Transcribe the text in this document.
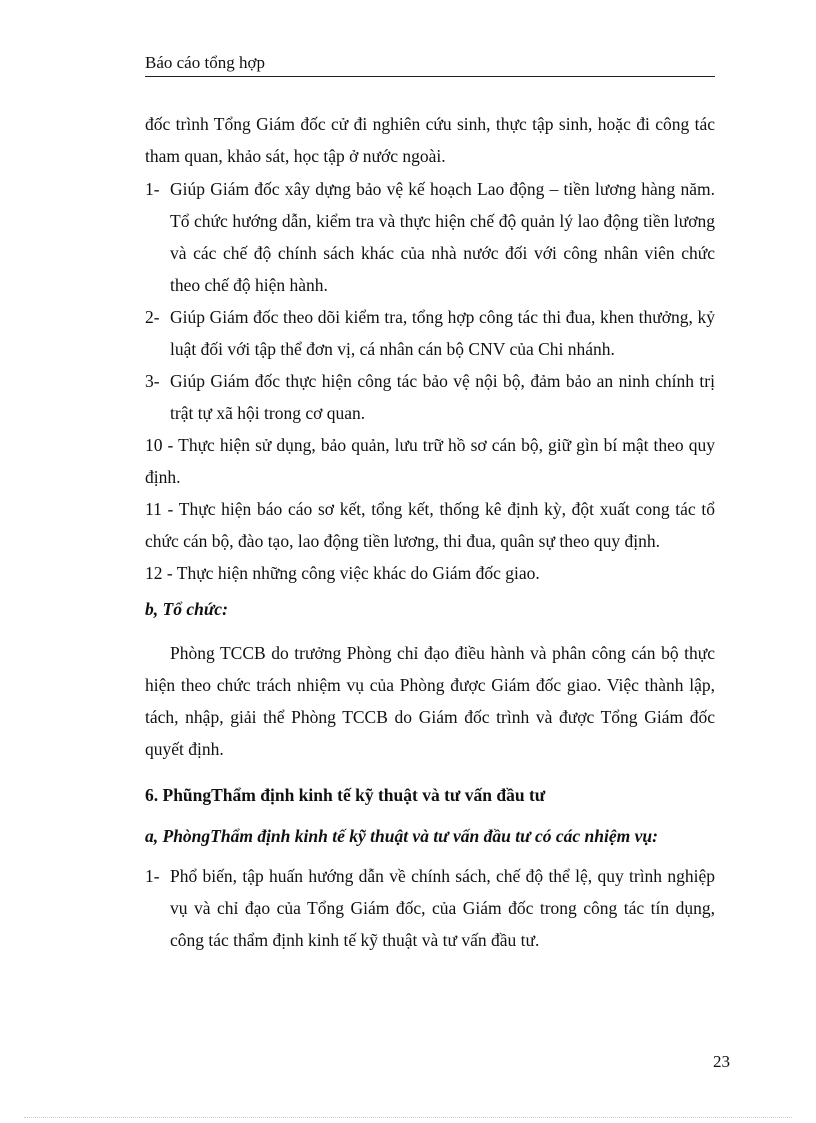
Báo cáo tổng hợp

đốc trình Tổng Giám đốc cử đi nghiên cứu sinh, thực tập sinh, hoặc đi công tác tham quan, khảo sát, học tập ở nước ngoài.

1- Giúp Giám đốc xây dựng bảo vệ kế hoạch Lao động – tiền lương hàng năm. Tổ chức hướng dẫn, kiểm tra và thực hiện chế độ quản lý lao động tiền lương và các chế độ chính sách khác của nhà nước đối với công nhân viên chức theo chế độ hiện hành.

2- Giúp Giám đốc theo dõi kiểm tra, tổng hợp công tác thi đua, khen thưởng, kỷ luật đối với tập thể đơn vị, cá nhân cán bộ CNV của Chi nhánh.

3- Giúp Giám đốc thực hiện công tác bảo vệ nội bộ, đảm bảo an ninh chính trị trật tự xã hội trong cơ quan.

10 - Thực hiện sử dụng, bảo quản, lưu trữ hồ sơ cán bộ, giữ gìn bí mật theo quy định.

11 - Thực hiện báo cáo sơ kết, tổng kết, thống kê định kỳ, đột xuất cong tác tổ chức cán bộ, đào tạo, lao động tiền lương, thi đua, quân sự theo quy định.

12 - Thực hiện những công việc khác do Giám đốc giao.

b, Tổ chức:

Phòng TCCB do trưởng Phòng chỉ đạo điều hành và phân công cán bộ thực hiện theo chức trách nhiệm vụ của Phòng được Giám đốc giao. Việc thành lập, tách, nhập, giải thể Phòng TCCB do Giám đốc trình và được Tổng Giám đốc quyết định.

6. PhũngThẩm định kinh tế kỹ thuật và tư vấn đầu tư

a, PhòngThẩm định kinh tế kỹ thuật và tư vấn đầu tư có các nhiệm vụ:

1- Phổ biến, tập huấn hướng dẫn về chính sách, chế độ thể lệ, quy trình nghiệp vụ và chỉ đạo của Tổng Giám đốc, của Giám đốc trong công tác tín dụng, công tác thẩm định kinh tế kỹ thuật và tư vấn đầu tư.

23
